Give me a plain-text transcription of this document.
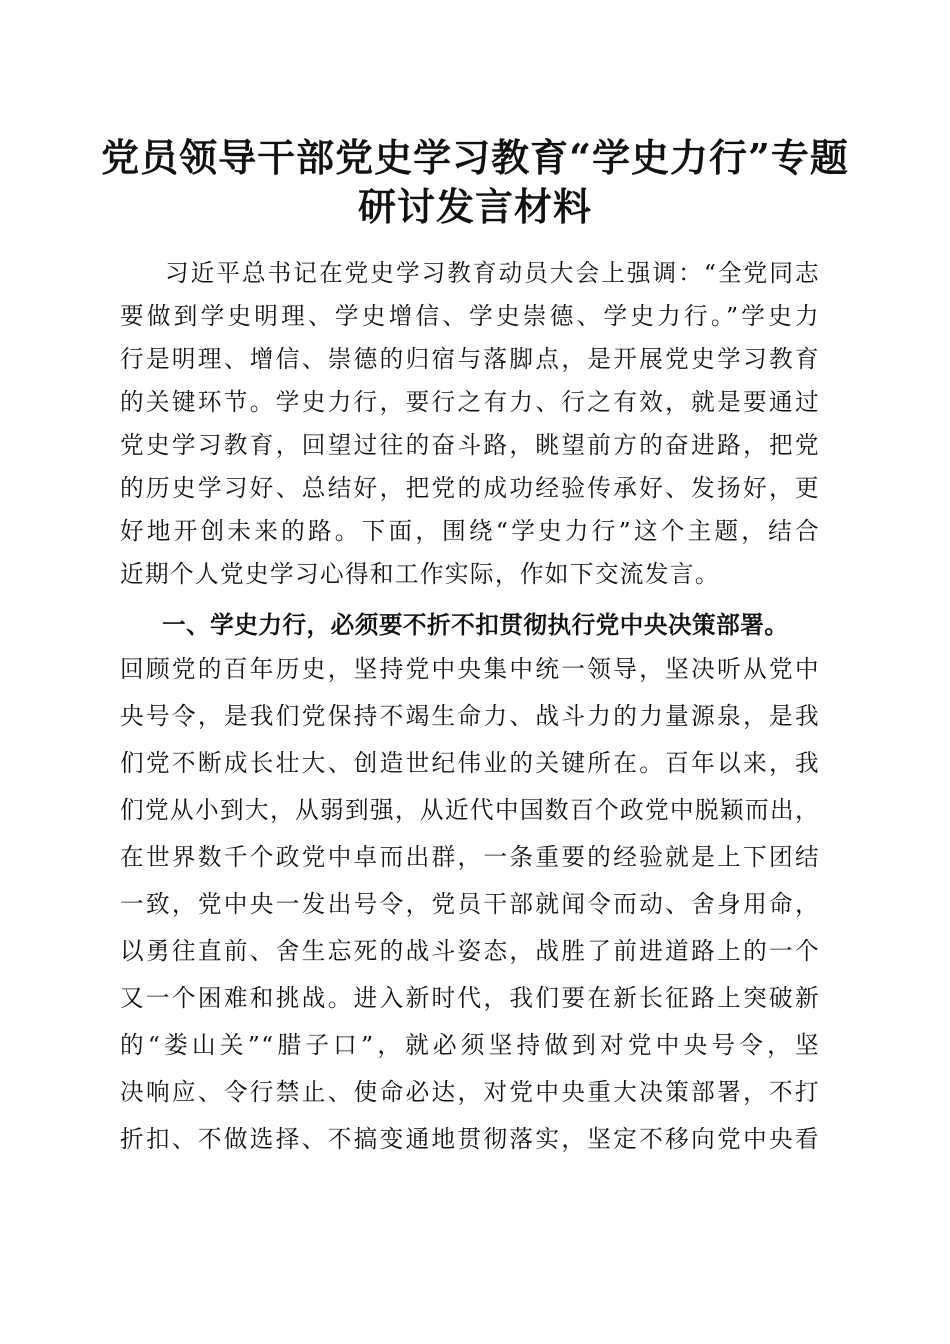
党员领导干部党史学习教育“学史力行”专题
研讨发言材料
习近平总书记在党史学习教育动员大会上强调：“全党同志
要做到学史明理、学史增信、学史崇德、学史力行。”学史力
行是明理、增信、崇德的归宿与落脚点，是开展党史学习教育
的关键环节。学史力行，要行之有力、行之有效，就是要通过
党史学习教育，回望过往的奋斗路，眺望前方的奋进路，把党
的历史学习好、总结好，把党的成功经验传承好、发扬好，更
好地开创未来的路。下面，围绕“学史力行”这个主题，结合
近期个人党史学习心得和工作实际，作如下交流发言。
一、学史力行，必须要不折不扣贯彻执行党中央决策部署。
回顾党的百年历史，坚持党中央集中统一领导，坚决听从党中
央号令，是我们党保持不竭生命力、战斗力的力量源泉，是我
们党不断成长壮大、创造世纪伟业的关键所在。百年以来，我
们党从小到大，从弱到强，从近代中国数百个政党中脱颖而出，
在世界数千个政党中卓而出群，一条重要的经验就是上下团结
一致，党中央一发出号令，党员干部就闻令而动、舍身用命，
以勇往直前、舍生忘死的战斗姿态，战胜了前进道路上的一个
又一个困难和挑战。进入新时代，我们要在新长征路上突破新
的“娄山关”“腊子口”，就必须坚持做到对党中央号令，坚
决响应、令行禁止、使命必达，对党中央重大决策部署，不打
折扣、不做选择、不搞变通地贯彻落实，坚定不移向党中央看
